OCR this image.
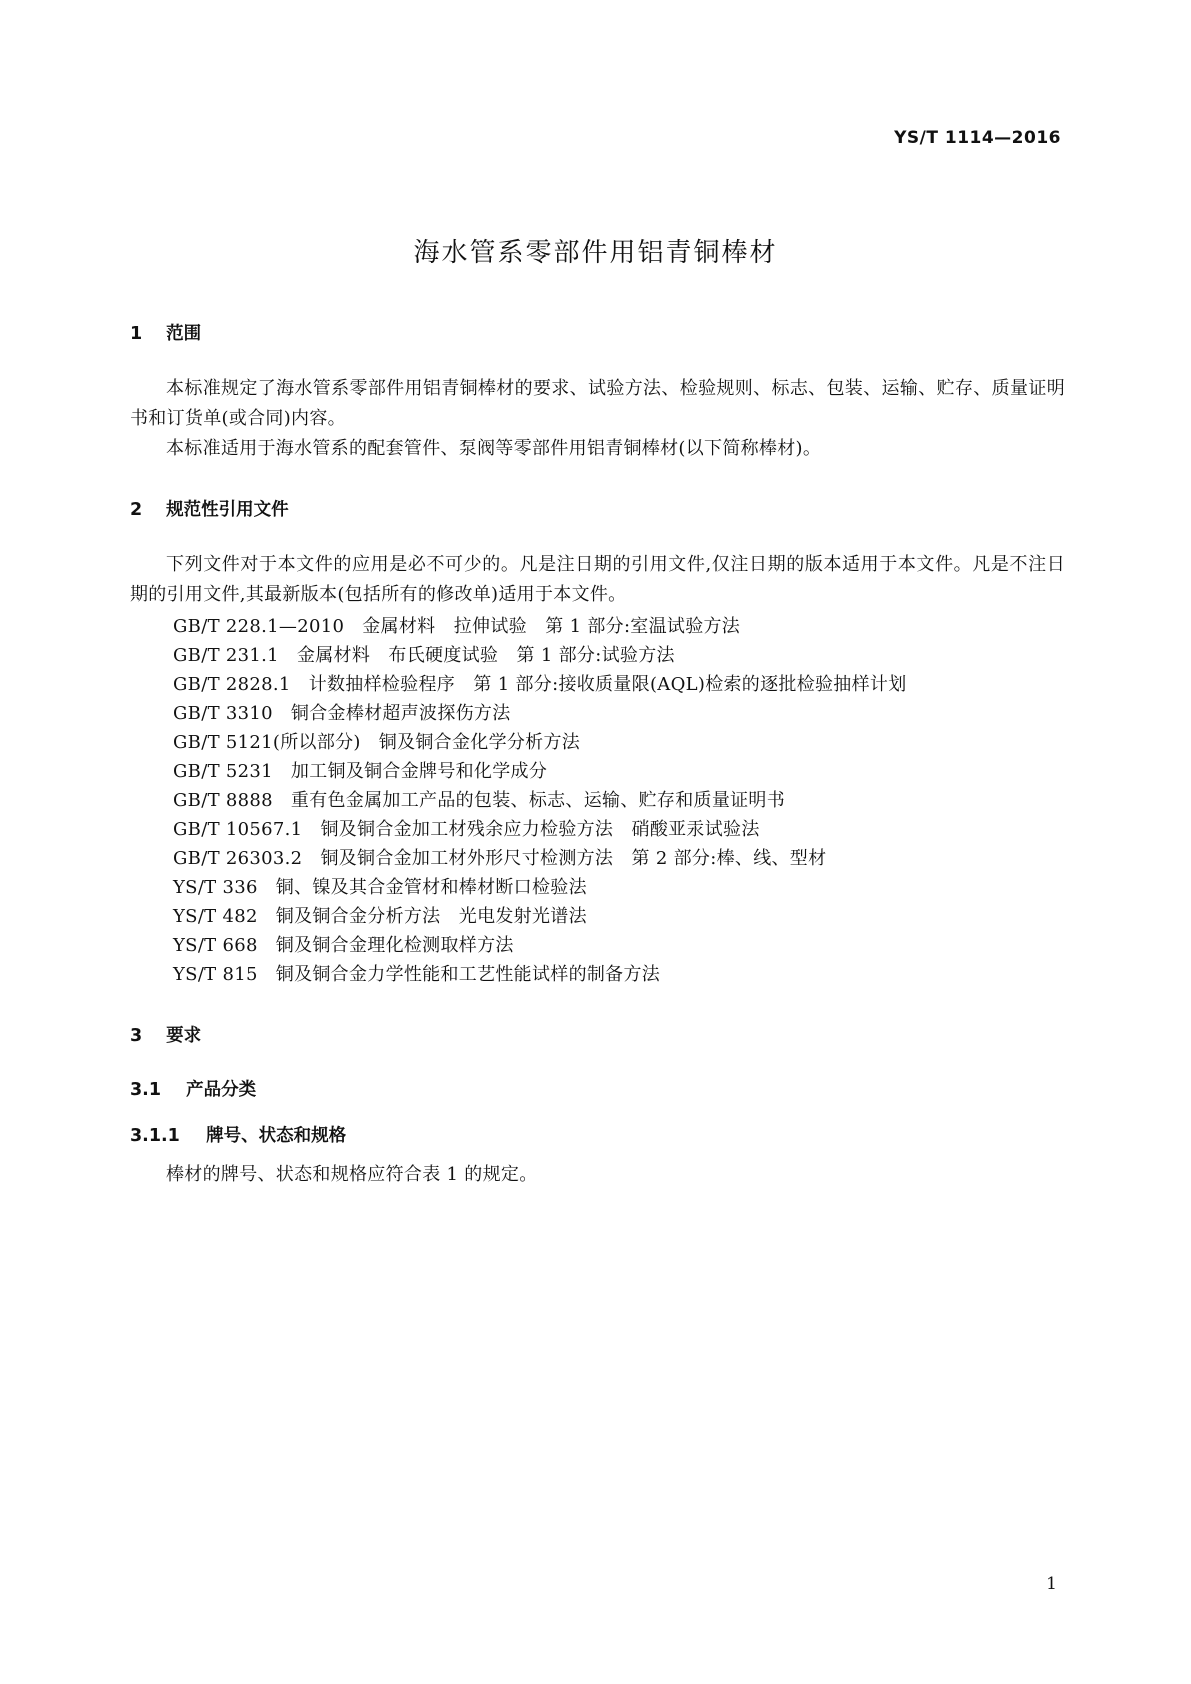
YS/T 1114—2016
海水管系零部件用铝青铜棒材
1 范围
本标准规定了海水管系零部件用铝青铜棒材的要求、试验方法、检验规则、标志、包装、运输、贮存、质量证明书和订货单(或合同)内容。
本标准适用于海水管系的配套管件、泵阀等零部件用铝青铜棒材(以下简称棒材)。
2 规范性引用文件
下列文件对于本文件的应用是必不可少的。凡是注日期的引用文件,仅注日期的版本适用于本文件。凡是不注日期的引用文件,其最新版本(包括所有的修改单)适用于本文件。
GB/T 228.1—2010 金属材料　拉伸试验　第 1 部分:室温试验方法
GB/T 231.1 金属材料　布氏硬度试验　第 1 部分:试验方法
GB/T 2828.1 计数抽样检验程序　第 1 部分:接收质量限(AQL)检索的逐批检验抽样计划
GB/T 3310 铜合金棒材超声波探伤方法
GB/T 5121(所以部分) 铜及铜合金化学分析方法
GB/T 5231 加工铜及铜合金牌号和化学成分
GB/T 8888 重有色金属加工产品的包装、标志、运输、贮存和质量证明书
GB/T 10567.1 铜及铜合金加工材残余应力检验方法　硝酸亚汞试验法
GB/T 26303.2 铜及铜合金加工材外形尺寸检测方法　第 2 部分:棒、线、型材
YS/T 336 铜、镍及其合金管材和棒材断口检验法
YS/T 482 铜及铜合金分析方法　光电发射光谱法
YS/T 668 铜及铜合金理化检测取样方法
YS/T 815 铜及铜合金力学性能和工艺性能试样的制备方法
3 要求
3.1 产品分类
3.1.1 牌号、状态和规格
棒材的牌号、状态和规格应符合表 1 的规定。
1
